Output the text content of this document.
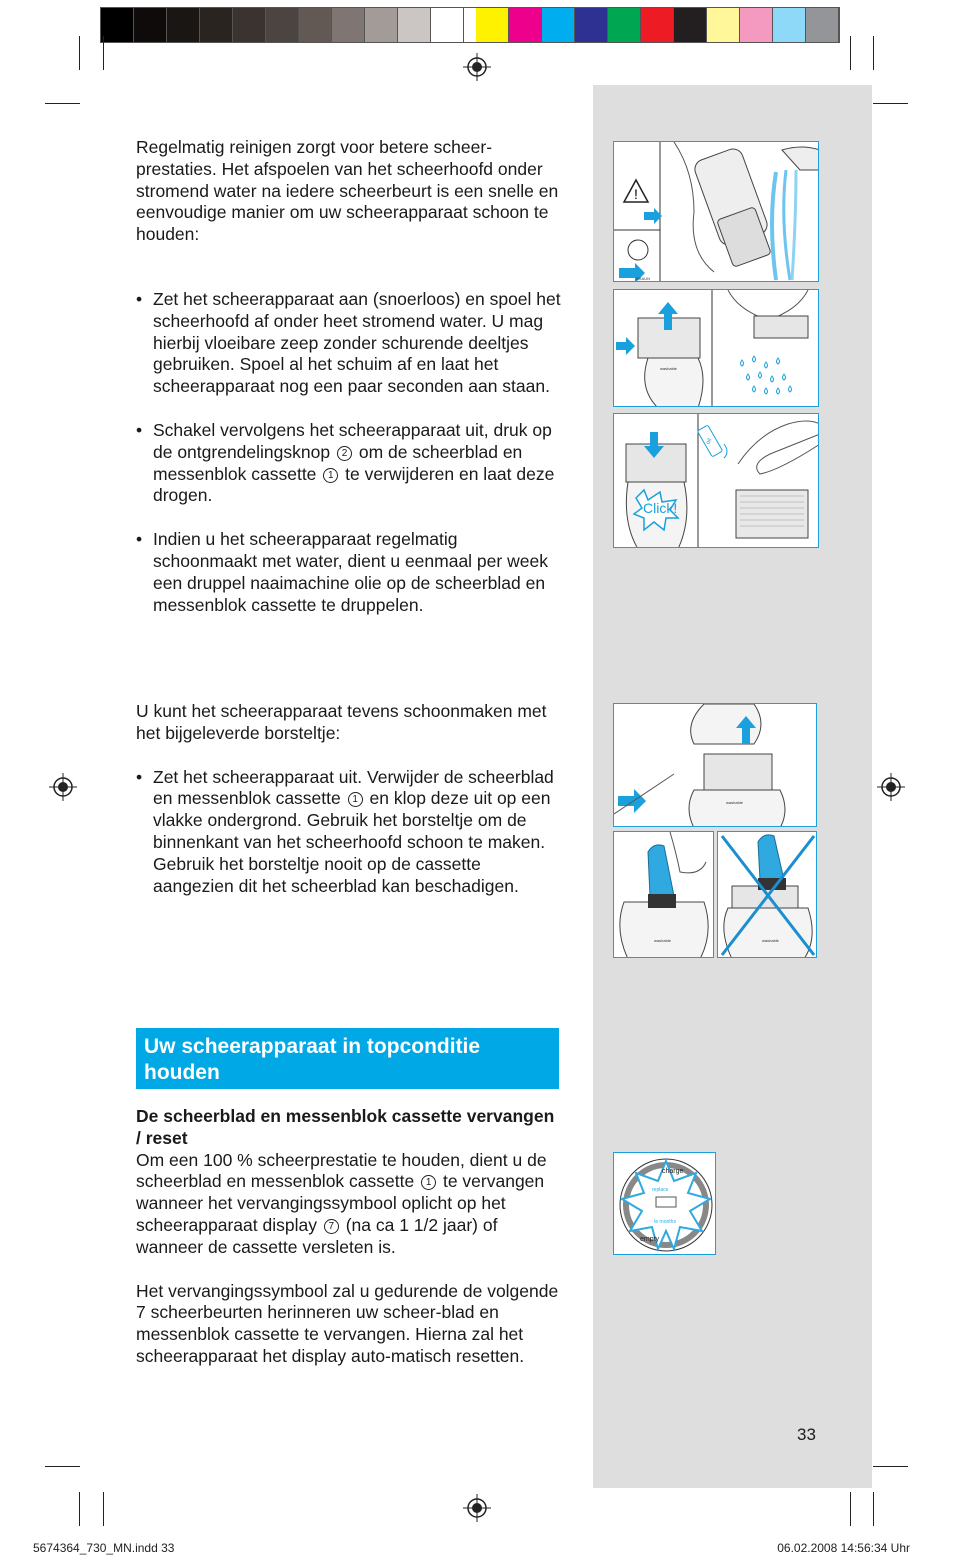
Regelmatig reinigen zorgt voor betere scheer-prestaties. Het afspoelen van het scheerhoofd onder stromend water na iedere scheerbeurt is een snelle en eenvoudige manier om uw scheerapparaat schoon te houden:

• Zet het scheerapparaat aan (snoerloos) en spoel het scheerhoofd af onder heet stromend water. U mag hierbij vloeibare zeep zonder schurende deeltjes gebruiken. Spoel al het schuim af en laat het scheerapparaat nog een paar seconden aan staan.
• Schakel vervolgens het scheerapparaat uit, druk op de ontgrendelingsknop 2 om de scheerblad en messenblok cassette 1 te verwijderen en laat deze drogen.
• Indien u het scheerapparaat regelmatig schoonmaakt met water, dient u eenmaal per week een druppel naaimachine olie op de scheerblad en messenblok cassette te druppelen.

U kunt het scheerapparaat tevens schoonmaken met het bijgeleverde borsteltje:

• Zet het scheerapparaat uit. Verwijder de scheerblad en messenblok cassette 1 en klop deze uit op een vlakke ondergrond. Gebruik het borsteltje om de binnenkant van het scheerhoofd schoon te maken. Gebruik het borsteltje nooit op de cassette aangezien dit het scheerblad kan beschadigen.
Uw scheerapparaat in topconditie houden

De scheerblad en messenblok cassette vervangen / reset

Om een 100 % scheerprestatie te houden, dient u de scheerblad en messenblok cassette 1 te vervangen wanneer het vervangingssymbool oplicht op het scheerapparaat display 7 (na ca 1 1/2 jaar) of wanneer de cassette versleten is.

Het vervangingssymbool zal u gedurende de volgende 7 scheerbeurten herinneren uw scheer-blad en messenblok cassette te vervangen. Hierna zal het scheerapparaat het display auto-matisch resetten.

!
BRAUN
washable
Click!
oil
washable
washable	washable
charge
replace
te months
empty
33
5674364_730_MN.indd 33	06.02.2008 14:56:34 Uhr
